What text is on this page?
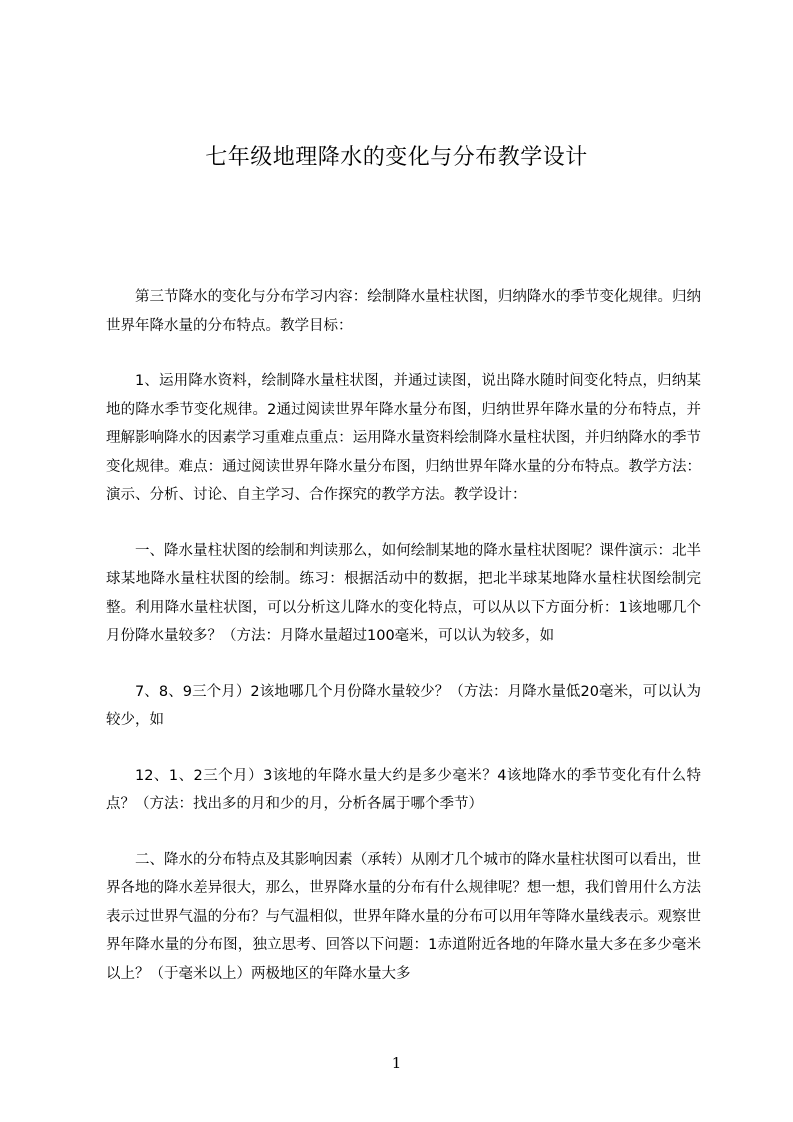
七年级地理降水的变化与分布教学设计

第三节降水的变化与分布学习内容：绘制降水量柱状图，归纳降水的季节变化规律。归纳世界年降水量的分布特点。教学目标：

1、运用降水资料，绘制降水量柱状图，并通过读图，说出降水随时间变化特点，归纳某地的降水季节变化规律。2通过阅读世界年降水量分布图，归纳世界年降水量的分布特点，并理解影响降水的因素学习重难点重点：运用降水量资料绘制降水量柱状图，并归纳降水的季节变化规律。难点：通过阅读世界年降水量分布图，归纳世界年降水量的分布特点。教学方法：演示、分析、讨论、自主学习、合作探究的教学方法。教学设计：

一、降水量柱状图的绘制和判读那么，如何绘制某地的降水量柱状图呢？课件演示：北半球某地降水量柱状图的绘制。练习：根据活动中的数据，把北半球某地降水量柱状图绘制完整。利用降水量柱状图，可以分析这儿降水的变化特点，可以从以下方面分析：1该地哪几个月份降水量较多？（方法：月降水量超过100毫米，可以认为较多，如

7、8、9三个月）2该地哪几个月份降水量较少？（方法：月降水量低20毫米，可以认为较少，如

12、1、2三个月）3该地的年降水量大约是多少毫米？4该地降水的季节变化有什么特点？（方法：找出多的月和少的月，分析各属于哪个季节）

二、降水的分布特点及其影响因素（承转）从刚才几个城市的降水量柱状图可以看出，世界各地的降水差异很大，那么，世界降水量的分布有什么规律呢？想一想，我们曾用什么方法表示过世界气温的分布？与气温相似，世界年降水量的分布可以用年等降水量线表示。观察世界年降水量的分布图，独立思考、回答以下问题：1赤道附近各地的年降水量大多在多少毫米以上？（于毫米以上）两极地区的年降水量大多

1
